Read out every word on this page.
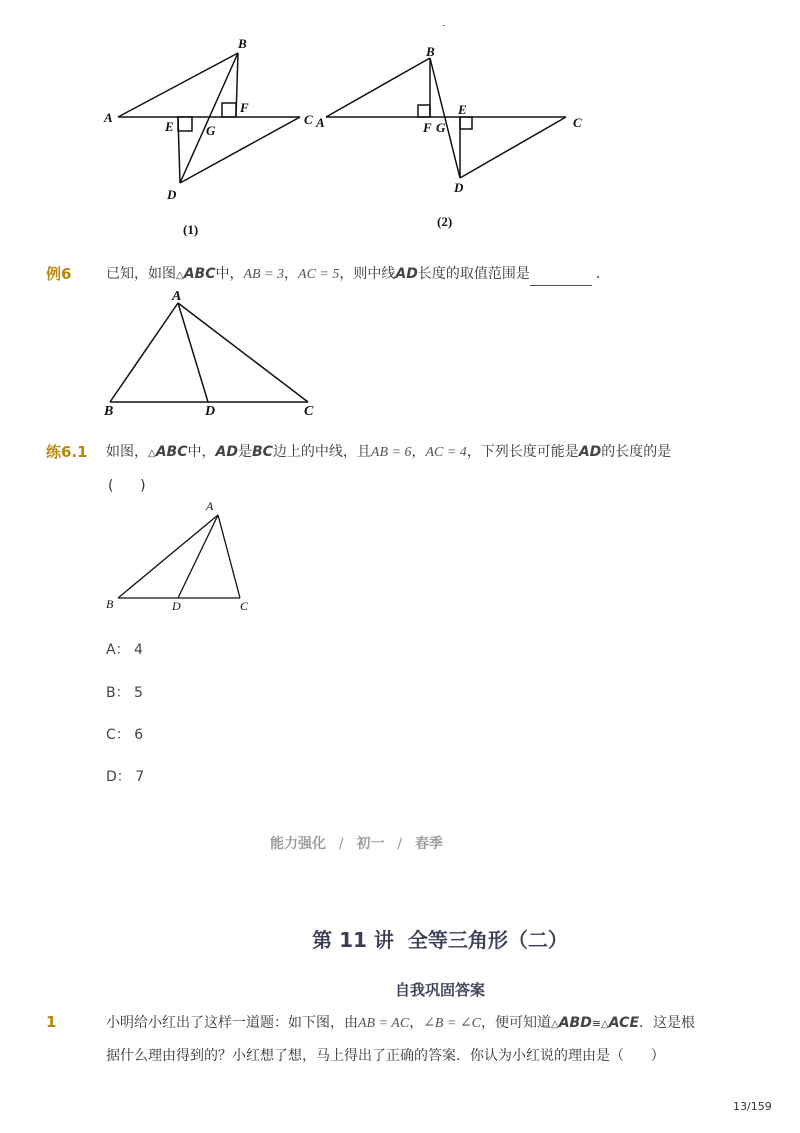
A
B
C
D
E
F
G
(1)
A
B
C
D
E
F G
(2)
-
例6 已知，如图△ABC中，AB = 3，AC = 5，则中线AD长度的取值范围是	．
A
B	D	C
练6.1 如图，△ABC中，AD是BC边上的中线，且AB = 6，AC = 4，下列长度可能是AD的长度的是
(      )
A
B	D	C
A： 4
B： 5
C： 6
D： 7
能力强化 / 初一 / 春季
第 11 讲  全等三角形（二）
自我巩固答案
1	小明给小红出了这样一道题：如下图，由AB = AC，∠B = ∠C，便可知道△ABD≅△ACE．这是根
据什么理由得到的？小红想了想，马上得出了正确的答案．你认为小红说的理由是（      ）
13/159
